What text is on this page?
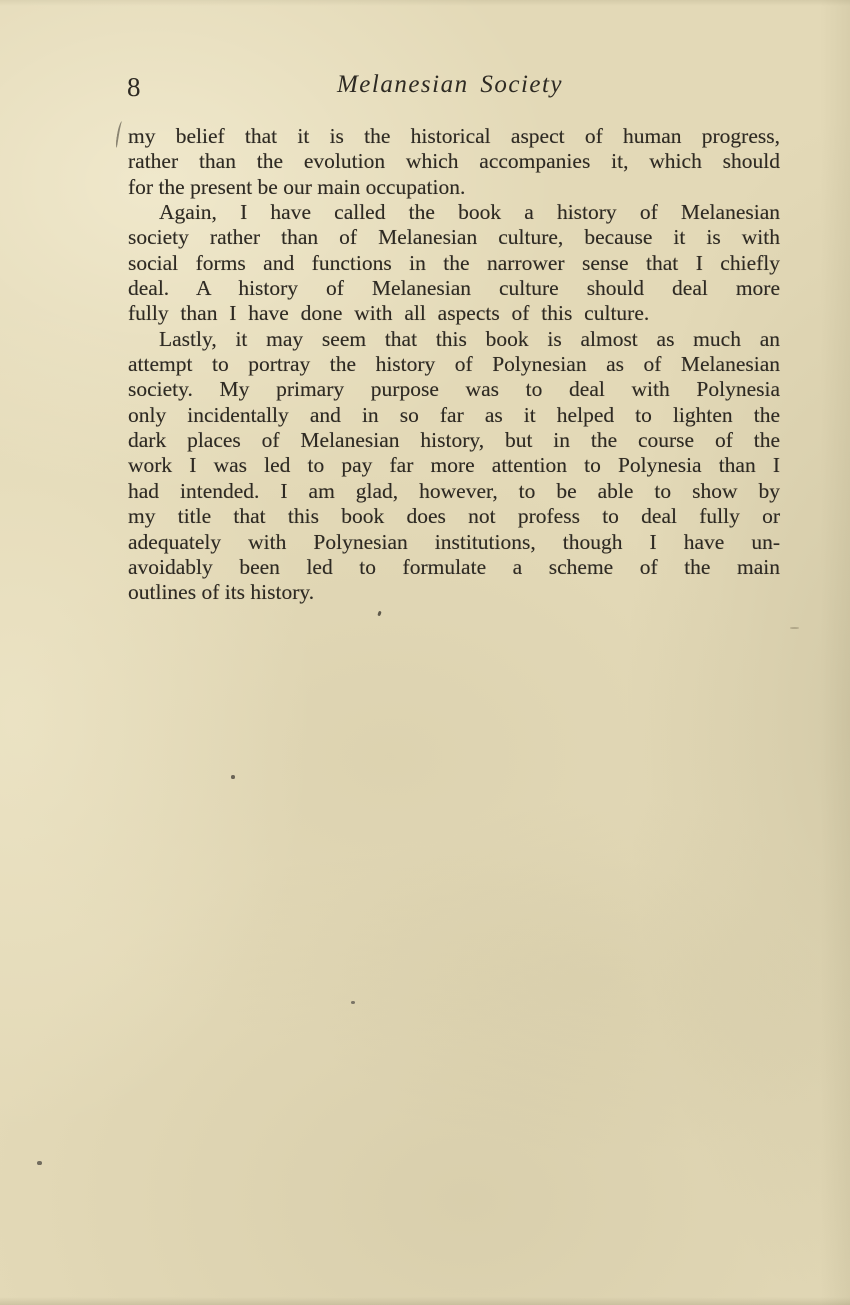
8	Melanesian Society
my belief that it is the historical aspect of human progress,
rather than the evolution which accompanies it, which should
for the present be our main occupation.
Again, I have called the book a history of Melanesian
society rather than of Melanesian culture, because it is with
social forms and functions in the narrower sense that I chiefly
deal. A history of Melanesian culture should deal more
fully than I have done with all aspects of this culture.
Lastly, it may seem that this book is almost as much an
attempt to portray the history of Polynesian as of Melanesian
society. My primary purpose was to deal with Polynesia
only incidentally and in so far as it helped to lighten the
dark places of Melanesian history, but in the course of the
work I was led to pay far more attention to Polynesia than I
had intended. I am glad, however, to be able to show by
my title that this book does not profess to deal fully or
adequately with Polynesian institutions, though I have un-
avoidably been led to formulate a scheme of the main
outlines of its history.
